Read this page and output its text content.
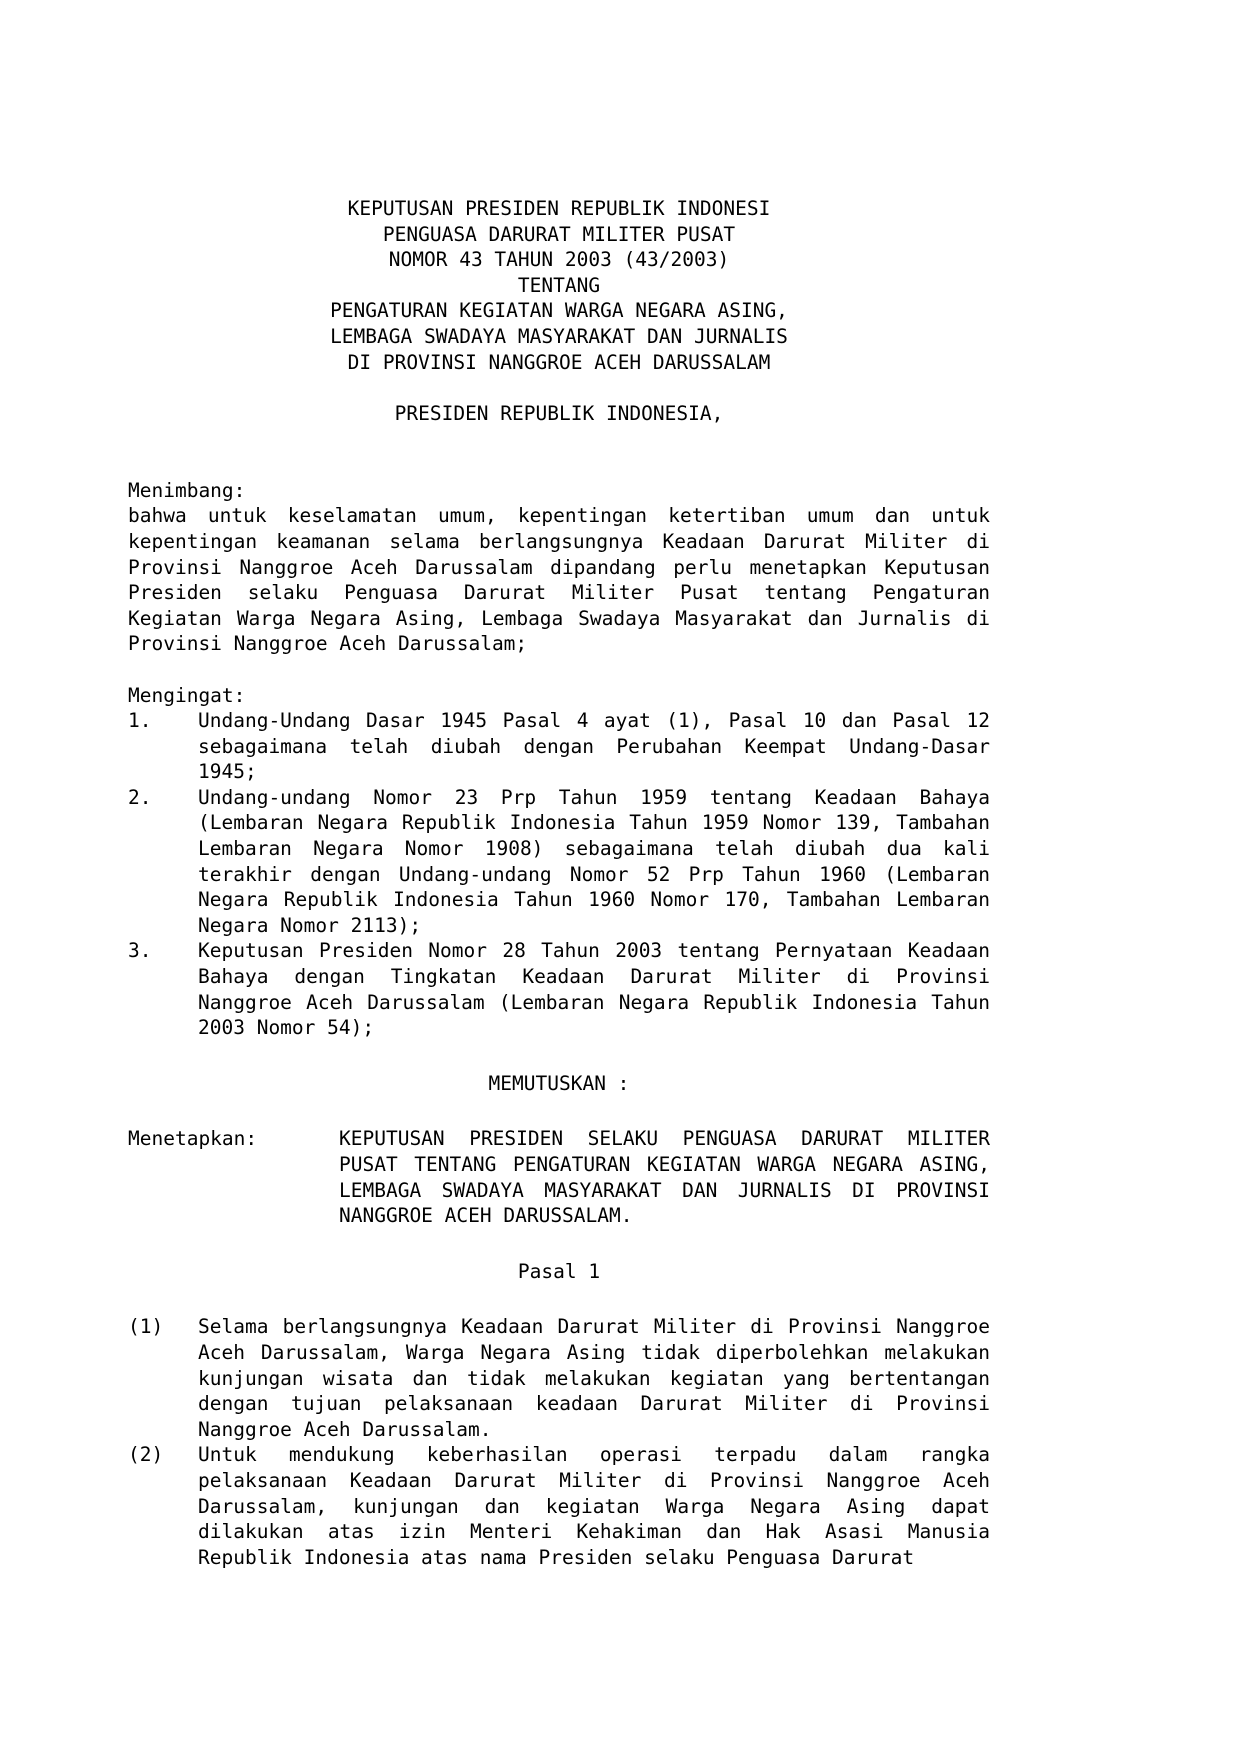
KEPUTUSAN PRESIDEN REPUBLIK INDONESI
PENGUASA DARURAT MILITER PUSAT
NOMOR 43 TAHUN 2003 (43/2003)
TENTANG
PENGATURAN KEGIATAN WARGA NEGARA ASING,
LEMBAGA SWADAYA MASYARAKAT DAN JURNALIS
DI PROVINSI NANGGROE ACEH DARUSSALAM
PRESIDEN REPUBLIK INDONESIA,
Menimbang:
bahwa untuk keselamatan umum, kepentingan ketertiban umum dan untuk kepentingan keamanan selama berlangsungnya Keadaan Darurat Militer di Provinsi Nanggroe Aceh Darussalam dipandang perlu menetapkan Keputusan Presiden selaku Penguasa Darurat Militer Pusat tentang Pengaturan Kegiatan Warga Negara Asing, Lembaga Swadaya Masyarakat dan Jurnalis di Provinsi Nanggroe Aceh Darussalam;
Mengingat:
1.	Undang-Undang Dasar 1945 Pasal 4 ayat (1), Pasal 10 dan Pasal 12 sebagaimana telah diubah dengan Perubahan Keempat Undang-Dasar 1945;
2.	Undang-undang Nomor 23 Prp Tahun 1959 tentang Keadaan Bahaya (Lembaran Negara Republik Indonesia Tahun 1959 Nomor 139, Tambahan Lembaran Negara Nomor 1908) sebagaimana telah diubah dua kali terakhir dengan Undang-undang Nomor 52 Prp Tahun 1960 (Lembaran Negara Republik Indonesia Tahun 1960 Nomor 170, Tambahan Lembaran Negara Nomor 2113);
3.	Keputusan Presiden Nomor 28 Tahun 2003 tentang Pernyataan Keadaan Bahaya dengan Tingkatan Keadaan Darurat Militer di Provinsi Nanggroe Aceh Darussalam (Lembaran Negara Republik Indonesia Tahun 2003 Nomor 54);
MEMUTUSKAN :
Menetapkan:	KEPUTUSAN PRESIDEN SELAKU PENGUASA DARURAT MILITER PUSAT TENTANG PENGATURAN KEGIATAN WARGA NEGARA ASING, LEMBAGA SWADAYA MASYARAKAT DAN JURNALIS DI PROVINSI NANGGROE ACEH DARUSSALAM.
Pasal 1
(1)	Selama berlangsungnya Keadaan Darurat Militer di Provinsi Nanggroe Aceh Darussalam, Warga Negara Asing tidak diperbolehkan melakukan kunjungan wisata dan tidak melakukan kegiatan yang bertentangan dengan tujuan pelaksanaan keadaan Darurat Militer di Provinsi Nanggroe Aceh Darussalam.
(2)	Untuk mendukung keberhasilan operasi terpadu dalam rangka pelaksanaan Keadaan Darurat Militer di Provinsi Nanggroe Aceh Darussalam, kunjungan dan kegiatan Warga Negara Asing dapat dilakukan atas izin Menteri Kehakiman dan Hak Asasi Manusia Republik Indonesia atas nama Presiden selaku Penguasa Darurat
